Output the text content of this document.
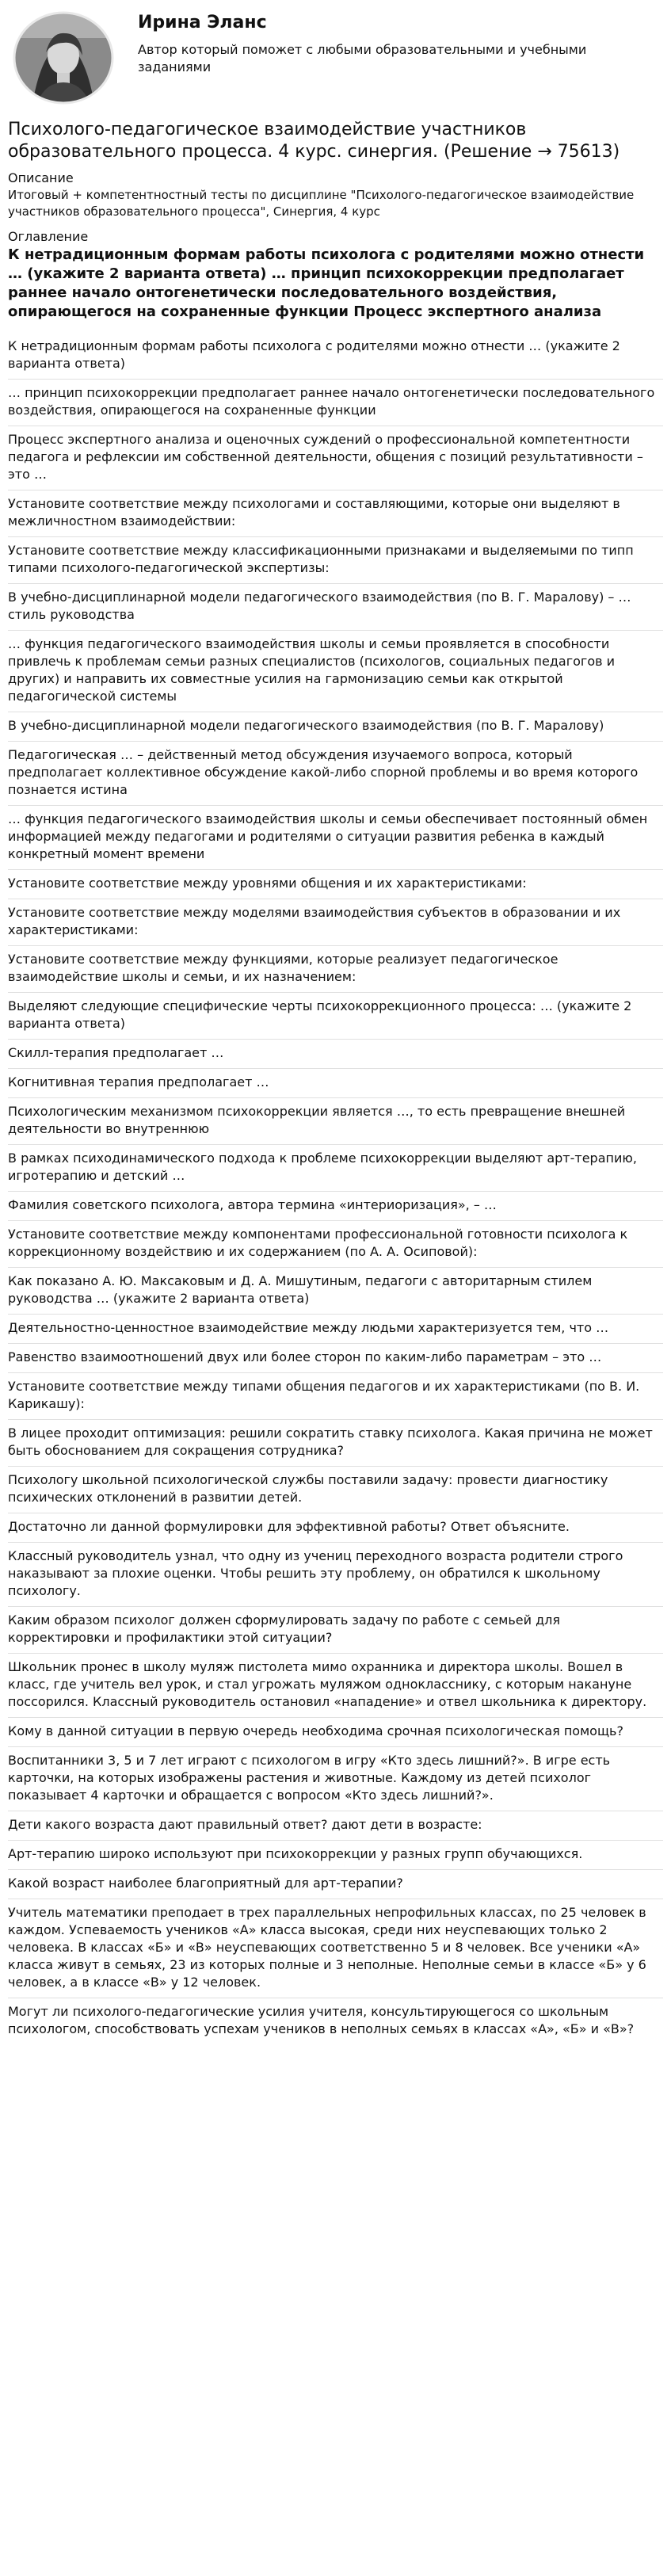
Ирина Эланс
Автор который поможет с любыми образовательными и учебными заданиями
Психолого-педагогическое взаимодействие участников образовательного процесса. 4 курс. синергия. (Решение → 75613)
Описание
Итоговый + компетентностный тесты по дисциплине "Психолого-педагогическое взаимодействие участников образовательного процесса", Синергия, 4 курс
Оглавление
К нетрадиционным формам работы психолога с родителями можно отнести … (укажите 2 варианта ответа) … принцип психокоррекции предполагает раннее начало онтогенетически последовательного воздействия, опирающегося на сохраненные функции Процесс экспертного анализа
К нетрадиционным формам работы психолога с родителями можно отнести … (укажите 2 варианта ответа)
… принцип психокоррекции предполагает раннее начало онтогенетически последовательного воздействия, опирающегося на сохраненные функции
Процесс экспертного анализа и оценочных суждений о профессиональной компетентности педагога и рефлексии им собственной деятельности, общения с позиций результативности – это …
Установите соответствие между психологами и составляющими, которые они выделяют в межличностном взаимодействии:
Установите соответствие между классификационными признаками и выделяемыми по типп типами психолого-педагогической экспертизы:
В учебно-дисциплинарной модели педагогического взаимодействия (по В. Г. Маралову) – … стиль руководства
… функция педагогического взаимодействия школы и семьи проявляется в способности привлечь к проблемам семьи разных специалистов (психологов, социальных педагогов и других) и направить их совместные усилия на гармонизацию семьи как открытой педагогической системы
В учебно-дисциплинарной модели педагогического взаимодействия (по В. Г. Маралову)
Педагогическая … – действенный метод обсуждения изучаемого вопроса, который предполагает коллективное обсуждение какой-либо спорной проблемы и во время которого познается истина
… функция педагогического взаимодействия школы и семьи обеспечивает постоянный обмен информацией между педагогами и родителями о ситуации развития ребенка в каждый конкретный момент времени
Установите соответствие между уровнями общения и их характеристиками:
Установите соответствие между моделями взаимодействия субъектов в образовании и их характеристиками:
Установите соответствие между функциями, которые реализует педагогическое взаимодействие школы и семьи, и их назначением:
Выделяют следующие специфические черты психокоррекционного процесса: … (укажите 2 варианта ответа)
Скилл-терапия предполагает …
Когнитивная терапия предполагает …
Психологическим механизмом психокоррекции является …, то есть превращение внешней деятельности во внутреннюю
В рамках психодинамического подхода к проблеме психокоррекции выделяют арт-терапию, игротерапию и детский …
Фамилия советского психолога, автора термина «интериоризация», – …
Установите соответствие между компонентами профессиональной готовности психолога к коррекционному воздействию и их содержанием (по А. А. Осиповой):
Как показано А. Ю. Максаковым и Д. А. Мишутиным, педагоги с авторитарным стилем руководства … (укажите 2 варианта ответа)
Деятельностно-ценностное взаимодействие между людьми характеризуется тем, что …
Равенство взаимоотношений двух или более сторон по каким-либо параметрам – это …
Установите соответствие между типами общения педагогов и их характеристиками (по В. И. Карикашу):
В лицее проходит оптимизация: решили сократить ставку психолога. Какая причина не может быть обоснованием для сокращения сотрудника?
Психологу школьной психологической службы поставили задачу: провести диагностику психических отклонений в развитии детей.
Достаточно ли данной формулировки для эффективной работы? Ответ объясните.
Классный руководитель узнал, что одну из учениц переходного возраста родители строго наказывают за плохие оценки. Чтобы решить эту проблему, он обратился к школьному психологу.
Каким образом психолог должен сформулировать задачу по работе с семьей для корректировки и профилактики этой ситуации?
Школьник пронес в школу муляж пистолета мимо охранника и директора школы. Вошел в класс, где учитель вел урок, и стал угрожать муляжом однокласснику, с которым накануне поссорился. Классный руководитель остановил «нападение» и отвел школьника к директору.
Кому в данной ситуации в первую очередь необходима срочная психологическая помощь?
Воспитанники 3, 5 и 7 лет играют с психологом в игру «Кто здесь лишний?». В игре есть карточки, на которых изображены растения и животные. Каждому из детей психолог показывает 4 карточки и обращается с вопросом «Кто здесь лишний?».
Дети какого возраста дают правильный ответ? дают дети в возрасте:
Арт-терапию широко используют при психокоррекции у разных групп обучающихся.
Какой возраст наиболее благоприятный для арт-терапии?
Учитель математики преподает в трех параллельных непрофильных классах, по 25 человек в каждом. Успеваемость учеников «А» класса высокая, среди них неуспевающих только 2 человека. В классах «Б» и «В» неуспевающих соответственно 5 и 8 человек. Все ученики «А» класса живут в семьях, 23 из которых полные и 3 неполные. Неполные семьи в классе «Б» у 6 человек, а в классе «В» у 12 человек.
Могут ли психолого-педагогические усилия учителя, консультирующегося со школьным психологом, способствовать успехам учеников в неполных семьях в классах «А», «Б» и «В»?
